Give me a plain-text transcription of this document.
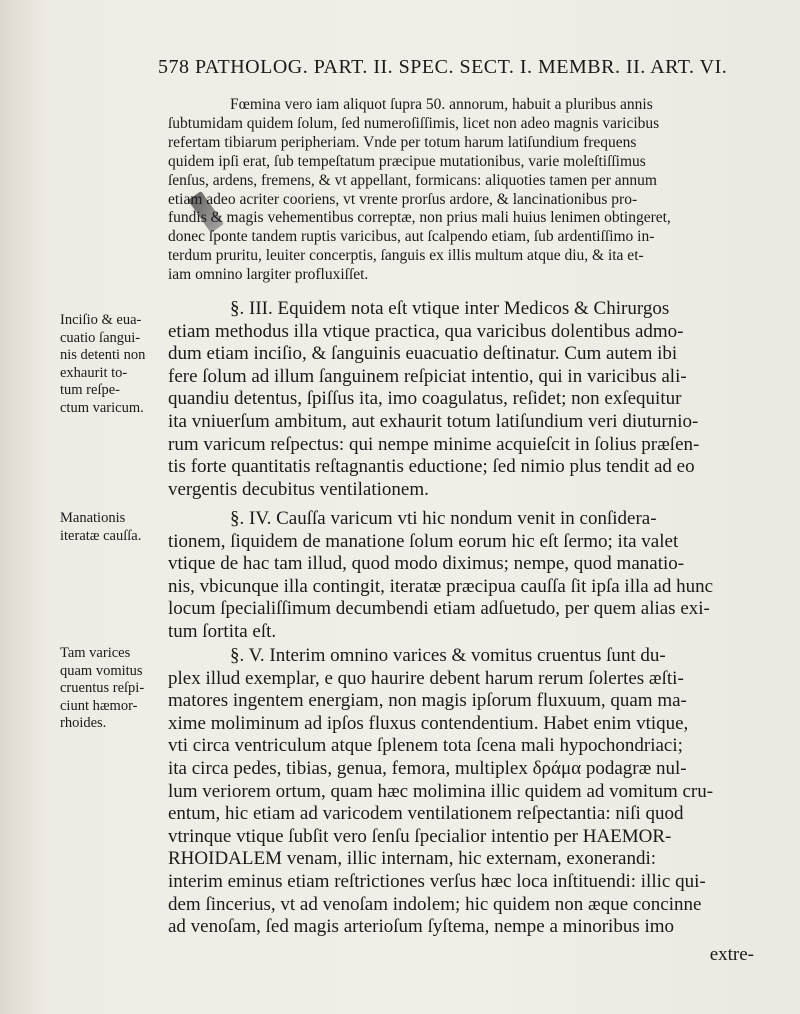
578 PATHOLOG. PART. II. SPEC. SECT. I. MEMBR. II. ART. VI.
Fœmina vero iam aliquot ſupra 50. annorum, habuit a pluribus annis
ſubtumidam quidem ſolum, ſed numeroſiſſimis, licet non adeo magnis varicibus
refertam tibiarum peripheriam. Vnde per totum harum latiſundium frequens
quidem ipſi erat, ſub tempeſtatum præcipue mutationibus, varie moleſtiſſimus
ſenſus, ardens, fremens, & vt appellant, formicans: aliquoties tamen per annum
etiam adeo acriter cooriens, vt vrente prorſus ardore, & lancinationibus pro-
fundis & magis vehementibus correptæ, non prius mali huius lenimen obtingeret,
donec ſponte tandem ruptis varicibus, aut ſcalpendo etiam, ſub ardentiſſimo in-
terdum pruritu, leuiter concerptis, ſanguis ex illis multum atque diu, & ita et-
iam omnino largiter profluxiſſet.
§. III. Equidem nota eſt vtique inter Medicos & Chirurgos
etiam methodus illa vtique practica, qua varicibus dolentibus admo-
dum etiam inciſio, & ſanguinis euacuatio deſtinatur. Cum autem ibi
fere ſolum ad illum ſanguinem reſpiciat intentio, qui in varicibus ali-
quandiu detentus, ſpiſſus ita, imo coagulatus, reſidet; non exſequitur
ita vniuerſum ambitum, aut exhaurit totum latiſundium veri diuturnio-
rum varicum reſpectus: qui nempe minime acquieſcit in ſolius præſen-
tis forte quantitatis reſtagnantis eductione; ſed nimio plus tendit ad eo
vergentis decubitus ventilationem.
§. IV. Cauſſa varicum vti hic nondum venit in conſidera-
tionem, ſiquidem de manatione ſolum eorum hic eſt ſermo; ita valet
vtique de hac tam illud, quod modo diximus; nempe, quod manatio-
nis, vbicunque illa contingit, iteratæ præcipua cauſſa ſit ipſa illa ad hunc
locum ſpecialiſſimum decumbendi etiam adſuetudo, per quem alias exi-
tum ſortita eſt.
§. V. Interim omnino varices & vomitus cruentus ſunt du-
plex illud exemplar, e quo haurire debent harum rerum ſolertes æſti-
matores ingentem energiam, non magis ipſorum fluxuum, quam ma-
xime moliminum ad ipſos fluxus contendentium. Habet enim vtique,
vti circa ventriculum atque ſplenem tota ſcena mali hypochondriaci;
ita circa pedes, tibias, genua, femora, multiplex δράμα podagræ nul-
lum veriorem ortum, quam hæc molimina illic quidem ad vomitum cru-
entum, hic etiam ad varicodem ventilationem reſpectantia: niſi quod
vtrinque vtique ſubſit vero ſenſu ſpecialior intentio per HAEMOR-
RHOIDALEM venam, illic internam, hic externam, exonerandi:
interim eminus etiam reſtrictiones verſus hæc loca inſtituendi: illic qui-
dem ſincerius, vt ad venoſam indolem; hic quidem non æque concinne
ad venoſam, ſed magis arterioſum ſyſtema, nempe a minoribus imo
extre-
Inciſio & eua-
cuatio ſangui-
nis detenti non
exhaurit to-
tum reſpe-
ctum varicum.
Manationis
iteratæ cauſſa.
Tam varices
quam vomitus
cruentus reſpi-
ciunt hæmor-
rhoides.
